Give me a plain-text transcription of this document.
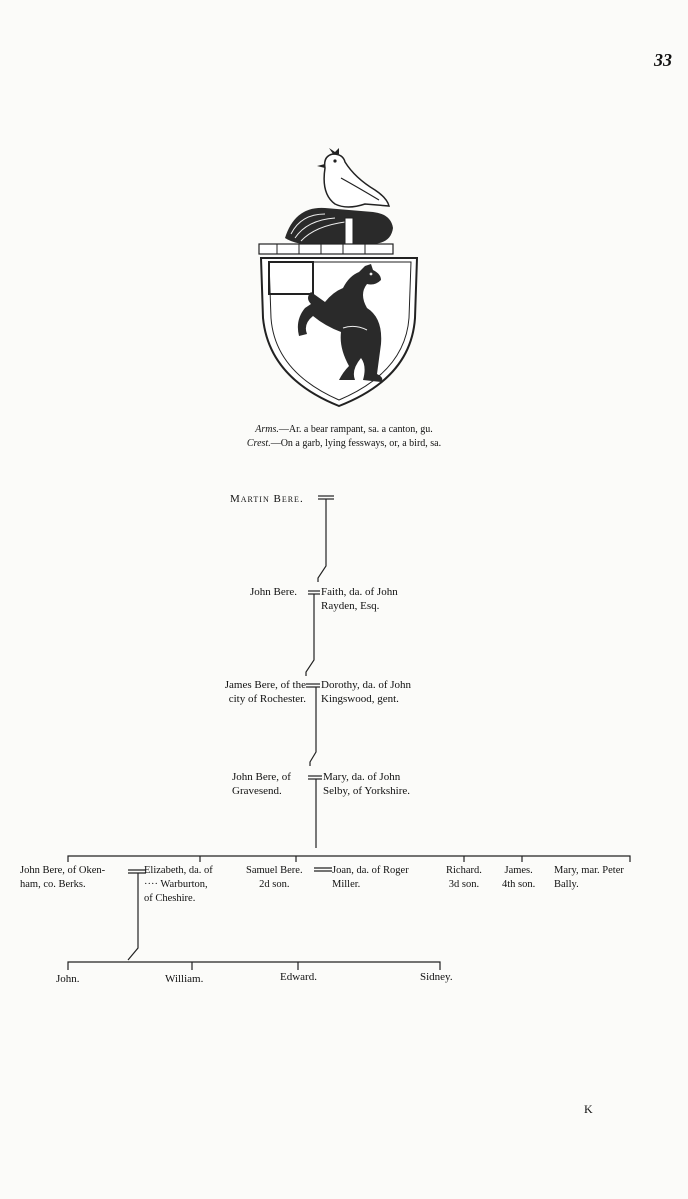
33
Arms.—Ar. a bear rampant, sa. a canton, gu.
Crest.—On a garb, lying fessways, or, a bird, sa.
Martin Bere.
John Bere. Faith, da. of John
Rayden, Esq.
James Bere, of the
city of Rochester.
Dorothy, da. of John
Kingswood, gent.
John Bere, of
Gravesend.
Mary, da. of John
Selby, of Yorkshire.
John Bere, of Oken-
ham, co. Berks.
Elizabeth, da. of
···· Warburton,
of Cheshire.
Samuel Bere.
2d son.
Joan, da. of Roger
Miller.
Richard.
3d son.
James.
4th son.
Mary, mar. Peter
Bally.
John.	William.	Edward.	Sidney.
K
